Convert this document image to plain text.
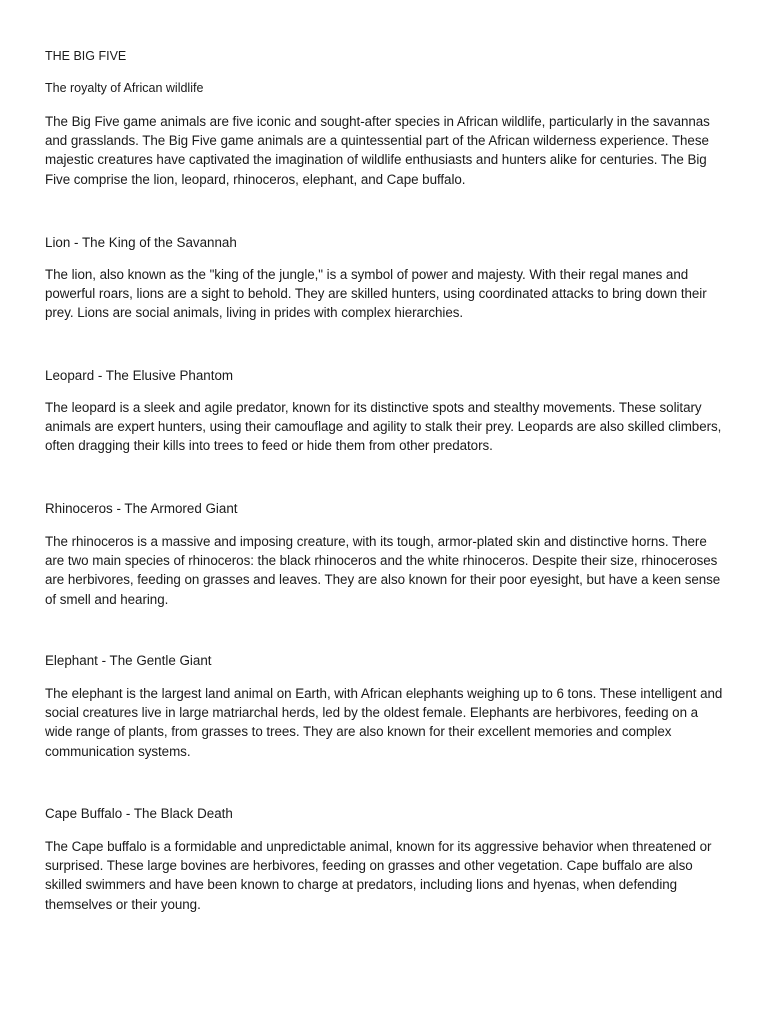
THE BIG FIVE
The royalty of African wildlife

The Big Five game animals are five iconic and sought-after species in African wildlife, particularly in the savannas and grasslands. The Big Five game animals are a quintessential part of the African wilderness experience. These majestic creatures have captivated the imagination of wildlife enthusiasts and hunters alike for centuries. The Big Five comprise the lion, leopard, rhinoceros, elephant, and Cape buffalo.

Lion - The King of the Savannah

The lion, also known as the "king of the jungle," is a symbol of power and majesty. With their regal manes and powerful roars, lions are a sight to behold. They are skilled hunters, using coordinated attacks to bring down their prey. Lions are social animals, living in prides with complex hierarchies.

Leopard - The Elusive Phantom

The leopard is a sleek and agile predator, known for its distinctive spots and stealthy movements. These solitary animals are expert hunters, using their camouflage and agility to stalk their prey. Leopards are also skilled climbers, often dragging their kills into trees to feed or hide them from other predators.

Rhinoceros - The Armored Giant

The rhinoceros is a massive and imposing creature, with its tough, armor-plated skin and distinctive horns. There are two main species of rhinoceros: the black rhinoceros and the white rhinoceros. Despite their size, rhinoceroses are herbivores, feeding on grasses and leaves. They are also known for their poor eyesight, but have a keen sense of smell and hearing.

Elephant - The Gentle Giant

The elephant is the largest land animal on Earth, with African elephants weighing up to 6 tons. These intelligent and social creatures live in large matriarchal herds, led by the oldest female. Elephants are herbivores, feeding on a wide range of plants, from grasses to trees. They are also known for their excellent memories and complex communication systems.

Cape Buffalo - The Black Death

The Cape buffalo is a formidable and unpredictable animal, known for its aggressive behavior when threatened or surprised. These large bovines are herbivores, feeding on grasses and other vegetation. Cape buffalo are also skilled swimmers and have been known to charge at predators, including lions and hyenas, when defending themselves or their young.
